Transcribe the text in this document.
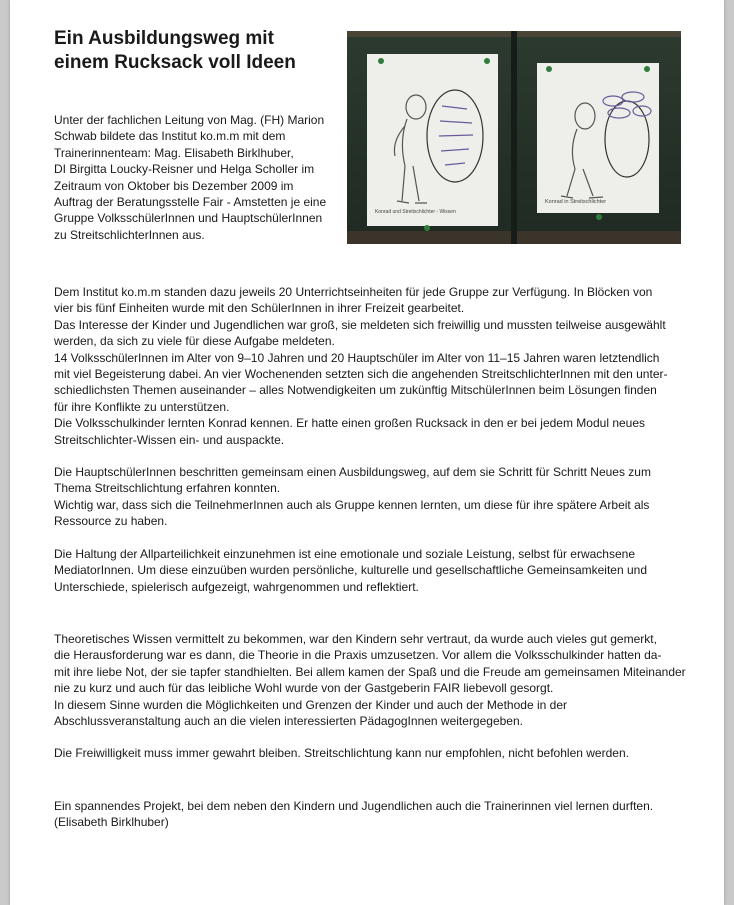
Ein Ausbildungsweg mit
einem Rucksack voll Ideen

Unter der fachlichen Leitung von Mag. (FH) Marion
Schwab bildete das Institut ko.m.m mit dem
Trainerinnenteam: Mag. Elisabeth Birklhuber,
DI Birgitta Loucky-Reisner und Helga Scholler im
Zeitraum von Oktober bis Dezember 2009 im
Auftrag der Beratungsstelle Fair - Amstetten je eine
Gruppe VolksschülerInnen und HauptschülerInnen
zu StreitschlichterInnen aus.

Konrad und Streitschlichter - Wissen
Konrad in Streitschlichter

Dem Institut ko.m.m standen dazu jeweils 20 Unterrichtseinheiten für jede Gruppe zur Verfügung. In Blöcken von
vier bis fünf Einheiten wurde mit den SchülerInnen in ihrer Freizeit gearbeitet.
Das Interesse der Kinder und Jugendlichen war groß, sie meldeten sich freiwillig und mussten teilweise ausgewählt
werden, da sich zu viele für diese Aufgabe meldeten.
14 VolksschülerInnen im Alter von 9–10 Jahren und 20 Hauptschüler im Alter von 11–15 Jahren waren letztendlich
mit viel Begeisterung dabei. An vier Wochenenden setzten sich die angehenden StreitschlichterInnen mit den unter-
schiedlichsten Themen auseinander – alles Notwendigkeiten um zukünftig MitschülerInnen beim Lösungen finden
für ihre Konflikte zu unterstützen.
Die Volksschulkinder lernten Konrad kennen. Er hatte einen großen Rucksack in den er bei jedem Modul neues
Streitschlichter-Wissen ein- und auspackte.

Die HauptschülerInnen beschritten gemeinsam einen Ausbildungsweg, auf dem sie Schritt für Schritt Neues zum
Thema Streitschlichtung erfahren konnten.
Wichtig war, dass sich die TeilnehmerInnen auch als Gruppe kennen lernten, um diese für ihre spätere Arbeit als
Ressource zu haben.

Die Haltung der Allparteilichkeit einzunehmen ist eine emotionale und soziale Leistung, selbst für erwachsene
MediatorInnen. Um diese einzuüben wurden persönliche, kulturelle und gesellschaftliche Gemeinsamkeiten und
Unterschiede, spielerisch aufgezeigt, wahrgenommen und reflektiert.

Theoretisches Wissen vermittelt zu bekommen, war den Kindern sehr vertraut, da wurde auch vieles gut gemerkt,
die Herausforderung war es dann, die Theorie in die Praxis umzusetzen. Vor allem die Volksschulkinder hatten da-
mit ihre liebe Not, der sie tapfer standhielten. Bei allem kamen der Spaß und die Freude am gemeinsamen Miteinander nie zu kurz und auch für das leibliche Wohl wurde von der Gastgeberin FAIR liebevoll gesorgt.
In diesem Sinne wurden die Möglichkeiten und Grenzen der Kinder und auch der Methode in der Abschlussveranstaltung auch an die vielen interessierten PädagogInnen weitergegeben.

Die Freiwilligkeit muss immer gewahrt bleiben. Streitschlichtung kann nur empfohlen, nicht befohlen werden.

Ein spannendes Projekt, bei dem neben den Kindern und Jugendlichen auch die Trainerinnen viel lernen durften.
(Elisabeth Birklhuber)
